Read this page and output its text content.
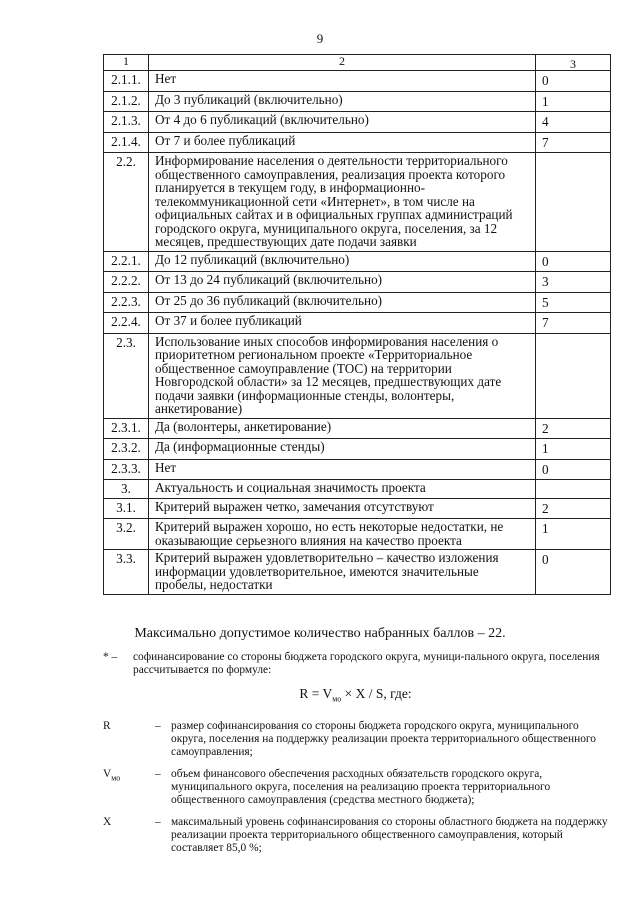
9
1	2	3
2.1.1.	Нет	0
2.1.2.	До 3 публикаций (включительно)	1
2.1.3.	От 4 до 6 публикаций (включительно)	4
2.1.4.	От 7 и более публикаций	7
2.2.	Информирование населения о деятельности территориального общественного самоуправления, реализация проекта которого планируется в текущем году, в информационно-телекоммуникационной сети «Интернет», в том числе на официальных сайтах и в официальных группах администраций городского округа, муниципального округа, поселения, за 12 месяцев, предшествующих дате подачи заявки	
2.2.1.	До 12 публикаций (включительно)	0
2.2.2.	От 13 до 24 публикаций (включительно)	3
2.2.3.	От 25 до 36 публикаций (включительно)	5
2.2.4.	От 37 и более публикаций	7
2.3.	Использование иных способов информирования населения о приоритетном региональном проекте «Территориальное общественное самоуправление (ТОС) на территории Новгородской области» за 12 месяцев, предшествующих дате подачи заявки (информационные стенды, волонтеры, анкетирование)	
2.3.1.	Да (волонтеры, анкетирование)	2
2.3.2.	Да (информационные стенды)	1
2.3.3.	Нет	0
3.	Актуальность и социальная значимость проекта	
3.1.	Критерий выражен четко, замечания отсутствуют	2
3.2.	Критерий выражен хорошо, но есть некоторые недостатки, не оказывающие серьезного влияния на качество проекта	1
3.3.	Критерий выражен удовлетворительно – качество изложения информации удовлетворительное, имеются значительные пробелы, недостатки	0
Максимально допустимое количество набранных баллов – 22.
* –	софинансирование со стороны бюджета городского округа, муници-пального округа, поселения рассчитывается по формуле:
$R = V_{мо} \times X / S$, где:
R	– размер софинансирования со стороны бюджета городского округа, муниципального округа, поселения на поддержку реализации проекта территориального общественного самоуправления;
$V_{мо}$	– объем финансового обеспечения расходных обязательств городского округа, муниципального округа, поселения на реализацию проекта территориального общественного самоуправления (средства местного бюджета);
X	– максимальный уровень софинансирования со стороны областного бюджета на поддержку реализации проекта территориального общественного самоуправления, который составляет 85,0 %;
